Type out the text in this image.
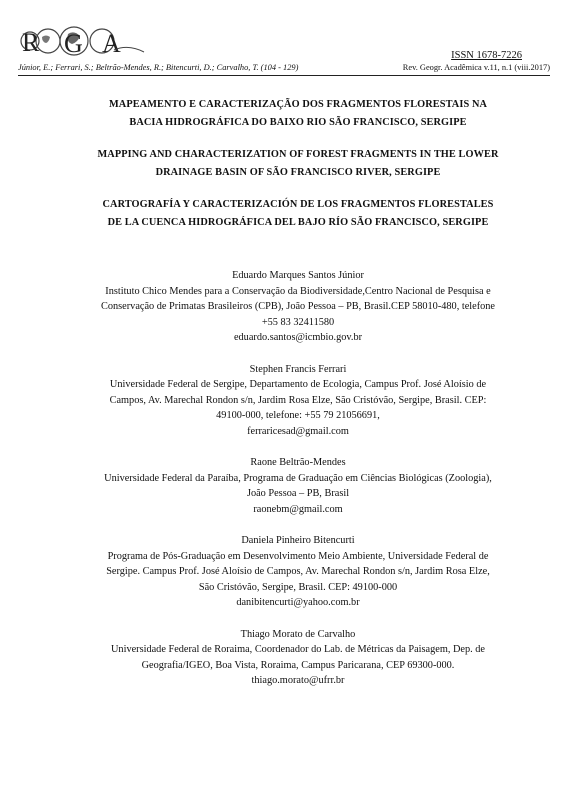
R G A	ISSN 1678-7226
Júnior, E.; Ferrari, S.; Beltrão-Mendes, R.; Bitencurti, D.; Carvalho, T. (104 - 129)	Rev. Geogr. Acadêmica v.11, n.1 (viii.2017)
MAPEAMENTO E CARACTERIZAÇÃO DOS FRAGMENTOS FLORESTAIS NA
BACIA HIDROGRÁFICA DO BAIXO RIO SÃO FRANCISCO, SERGIPE
MAPPING AND CHARACTERIZATION OF FOREST FRAGMENTS IN THE LOWER
DRAINAGE BASIN OF SÃO FRANCISCO RIVER, SERGIPE
CARTOGRAFÍA Y CARACTERIZACIÓN DE LOS FRAGMENTOS FLORESTALES
DE LA CUENCA HIDROGRÁFICA DEL BAJO RÍO SÃO FRANCISCO, SERGIPE
Eduardo Marques Santos Júnior
Instituto Chico Mendes para a Conservação da Biodiversidade,Centro Nacional de Pesquisa e
Conservação de Primatas Brasileiros (CPB), João Pessoa – PB, Brasil.CEP 58010-480, telefone
+55 83 32411580
eduardo.santos@icmbio.gov.br
Stephen Francis Ferrari
Universidade Federal de Sergipe, Departamento de Ecologia, Campus Prof. José Aloísio de
Campos, Av. Marechal Rondon s/n, Jardim Rosa Elze, São Cristóvão, Sergipe, Brasil. CEP:
49100-000, telefone: +55 79 21056691,
ferraricesad@gmail.com
Raone Beltrão-Mendes
Universidade Federal da Paraíba, Programa de Graduação em Ciências Biológicas (Zoologia),
João Pessoa – PB, Brasil
raonebm@gmail.com
Daniela Pinheiro Bitencurti
Programa de Pós-Graduação em Desenvolvimento Meio Ambiente, Universidade Federal de
Sergipe. Campus Prof. José Aloísio de Campos, Av. Marechal Rondon s/n, Jardim Rosa Elze,
São Cristóvão, Sergipe, Brasil. CEP: 49100-000
danibitencurti@yahoo.com.br
Thiago Morato de Carvalho
Universidade Federal de Roraima, Coordenador do Lab. de Métricas da Paisagem, Dep. de
Geografia/IGEO, Boa Vista, Roraima, Campus Paricarana, CEP 69300-000.
thiago.morato@ufrr.br
